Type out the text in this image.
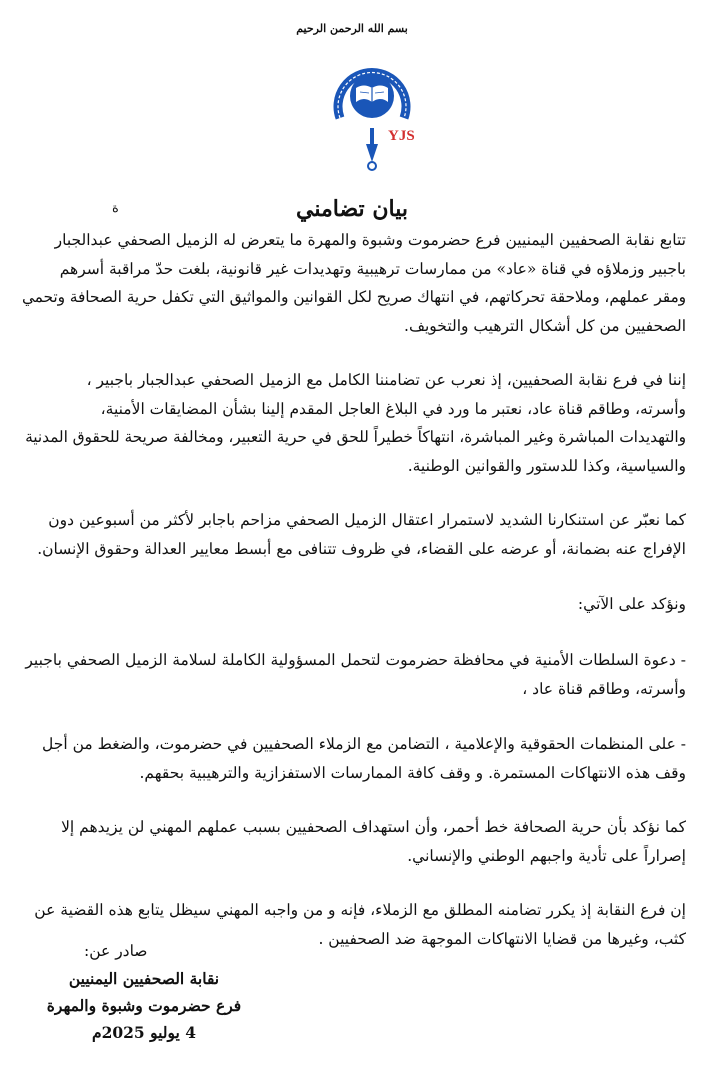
بسم الله الرحمن الرحيم
YJS
بيان تضامني
ة
تتابع نقابة الصحفيين اليمنيين فرع حضرموت وشبوة والمهرة ما يتعرض له الزميل الصحفي عبدالجبار
باجبير وزملاؤه في قناة «عاد» من ممارسات ترهيبية وتهديدات غير قانونية، بلغت حدّ مراقبة أسرهم
ومقر عملهم، وملاحقة تحركاتهم، في انتهاك صريح لكل القوانين والمواثيق التي تكفل حرية الصحافة وتحمي
الصحفيين من كل أشكال الترهيب والتخويف.
إننا في فرع نقابة الصحفيين، إذ نعرب عن تضامننا الكامل مع الزميل الصحفي عبدالجبار باجبير ،
وأسرته، وطاقم قناة عاد، نعتبر ما ورد في البلاغ العاجل المقدم إلينا بشأن المضايقات الأمنية،
والتهديدات المباشرة وغير المباشرة، انتهاكاً خطيراً للحق في حرية التعبير، ومخالفة صريحة للحقوق المدنية
والسياسية، وكذا للدستور والقوانين الوطنية.
كما نعبّر عن استنكارنا الشديد لاستمرار اعتقال الزميل الصحفي مزاحم باجابر لأكثر من أسبوعين دون
الإفراج عنه بضمانة، أو عرضه على القضاء، في ظروف تتنافى مع أبسط معايير العدالة وحقوق الإنسان.
ونؤكد على الآتي:
- دعوة السلطات الأمنية في محافظة حضرموت لتحمل المسؤولية الكاملة لسلامة الزميل الصحفي باجبير
وأسرته، وطاقم قناة عاد ،
- على المنظمات الحقوقية والإعلامية ، التضامن مع الزملاء الصحفيين في حضرموت، والضغط من أجل
وقف هذه الانتهاكات المستمرة. و وقف كافة الممارسات الاستفزازية والترهيبية بحقهم.
كما نؤكد بأن حرية الصحافة خط أحمر، وأن استهداف الصحفيين بسبب عملهم المهني لن يزيدهم إلا
إصراراً على تأدية واجبهم الوطني والإنساني.
إن فرع النقابة إذ يكرر تضامنه المطلق مع الزملاء، فإنه و من واجبه المهني سيظل يتابع هذه القضية عن
كثب، وغيرها من قضايا الانتهاكات الموجهة ضد الصحفيين .
صادر عن:
نقابة الصحفيين اليمنيين
فرع حضرموت وشبوة والمهرة
4 يوليو 2025م
